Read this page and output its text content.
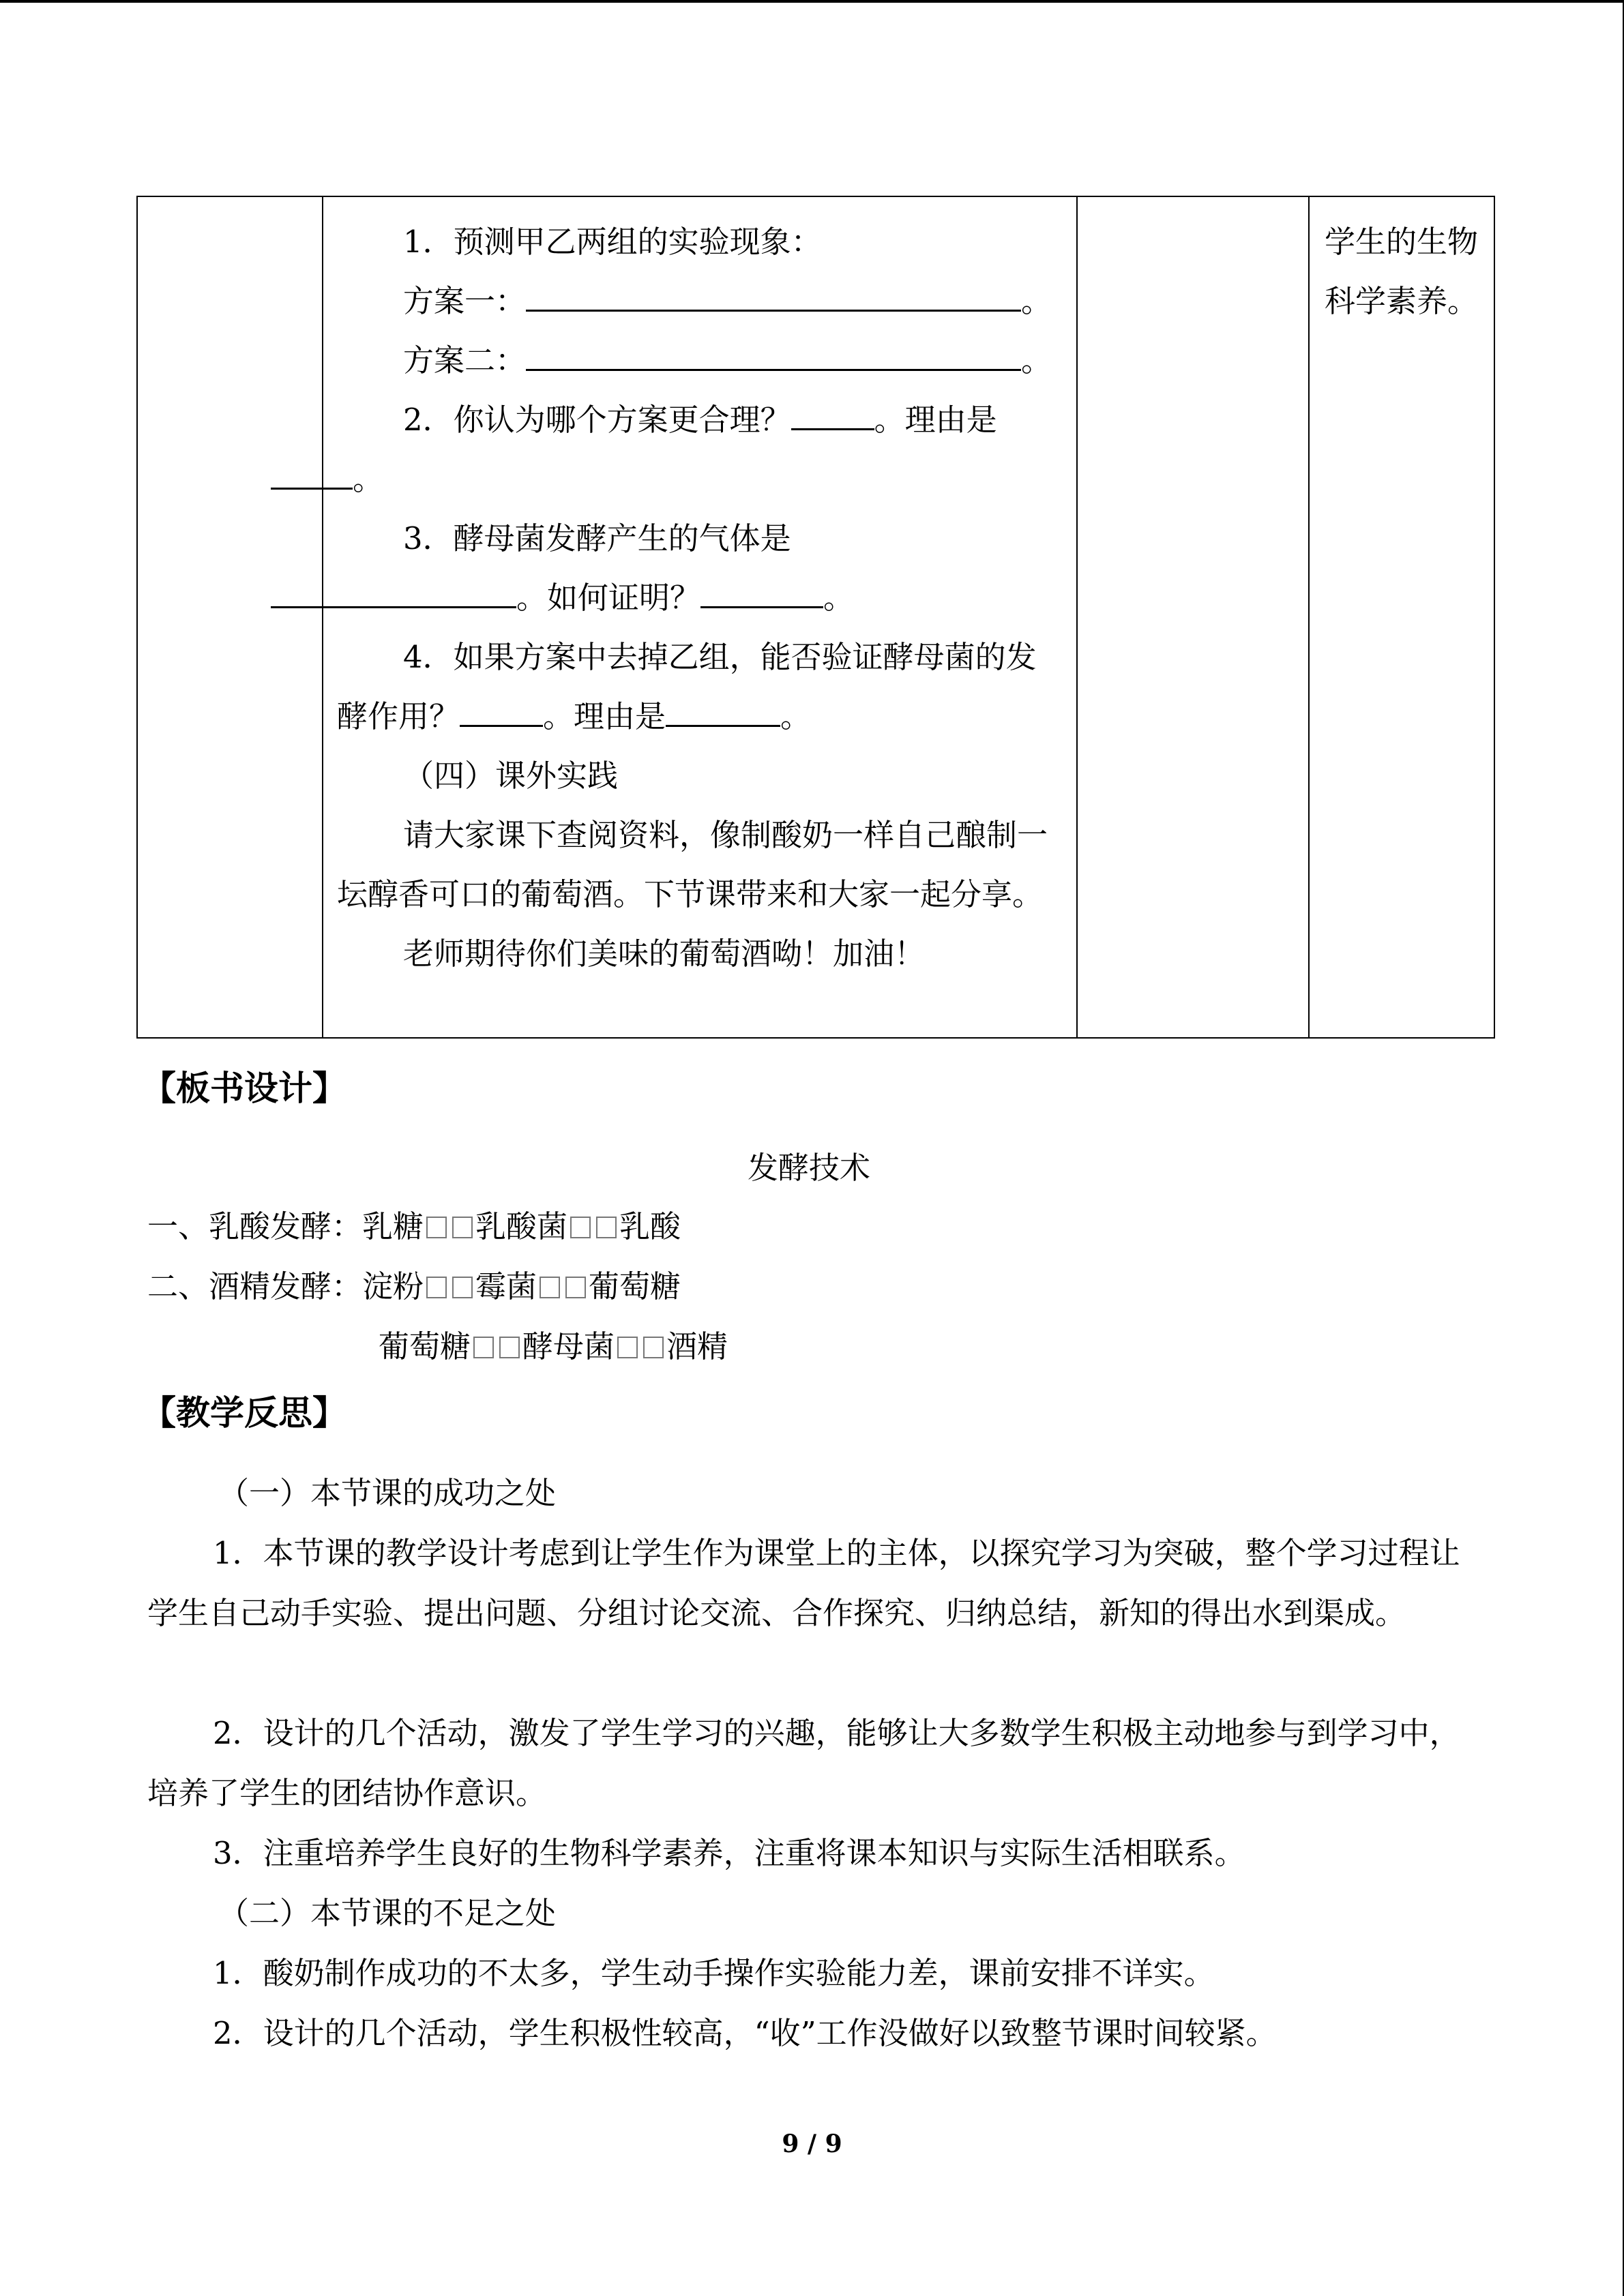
1．预测甲乙两组的实验现象：

方案一：	。

方案二：	。

2．你认为哪个方案更合理？	。理由是
。

3．酵母菌发酵产生的气体是
。如何证明？	。

4．如果方案中去掉乙组，能否验证酵母菌的发酵作用？	。理由是	。

（四）课外实践

请大家课下查阅资料，像制酸奶一样自己酿制一坛醇香可口的葡萄酒。下节课带来和大家一起分享。

老师期待你们美味的葡萄酒呦！加油！

学生的生物科学素养。
【板书设计】
发酵技术
一、乳酸发酵：乳糖 乳酸菌 乳酸
二、酒精发酵：淀粉 霉菌 葡萄糖
葡萄糖 酵母菌 酒精
【教学反思】

（一）本节课的成功之处

1．本节课的教学设计考虑到让学生作为课堂上的主体，以探究学习为突破，整个学习过程让学生自己动手实验、提出问题、分组讨论交流、合作探究、归纳总结，新知的得出水到渠成。

2．设计的几个活动，激发了学生学习的兴趣，能够让大多数学生积极主动地参与到学习中，培养了学生的团结协作意识。

3．注重培养学生良好的生物科学素养，注重将课本知识与实际生活相联系。

（二）本节课的不足之处

1．酸奶制作成功的不太多，学生动手操作实验能力差，课前安排不详实。

2．设计的几个活动，学生积极性较高，“收”工作没做好以致整节课时间较紧。

9 / 9
